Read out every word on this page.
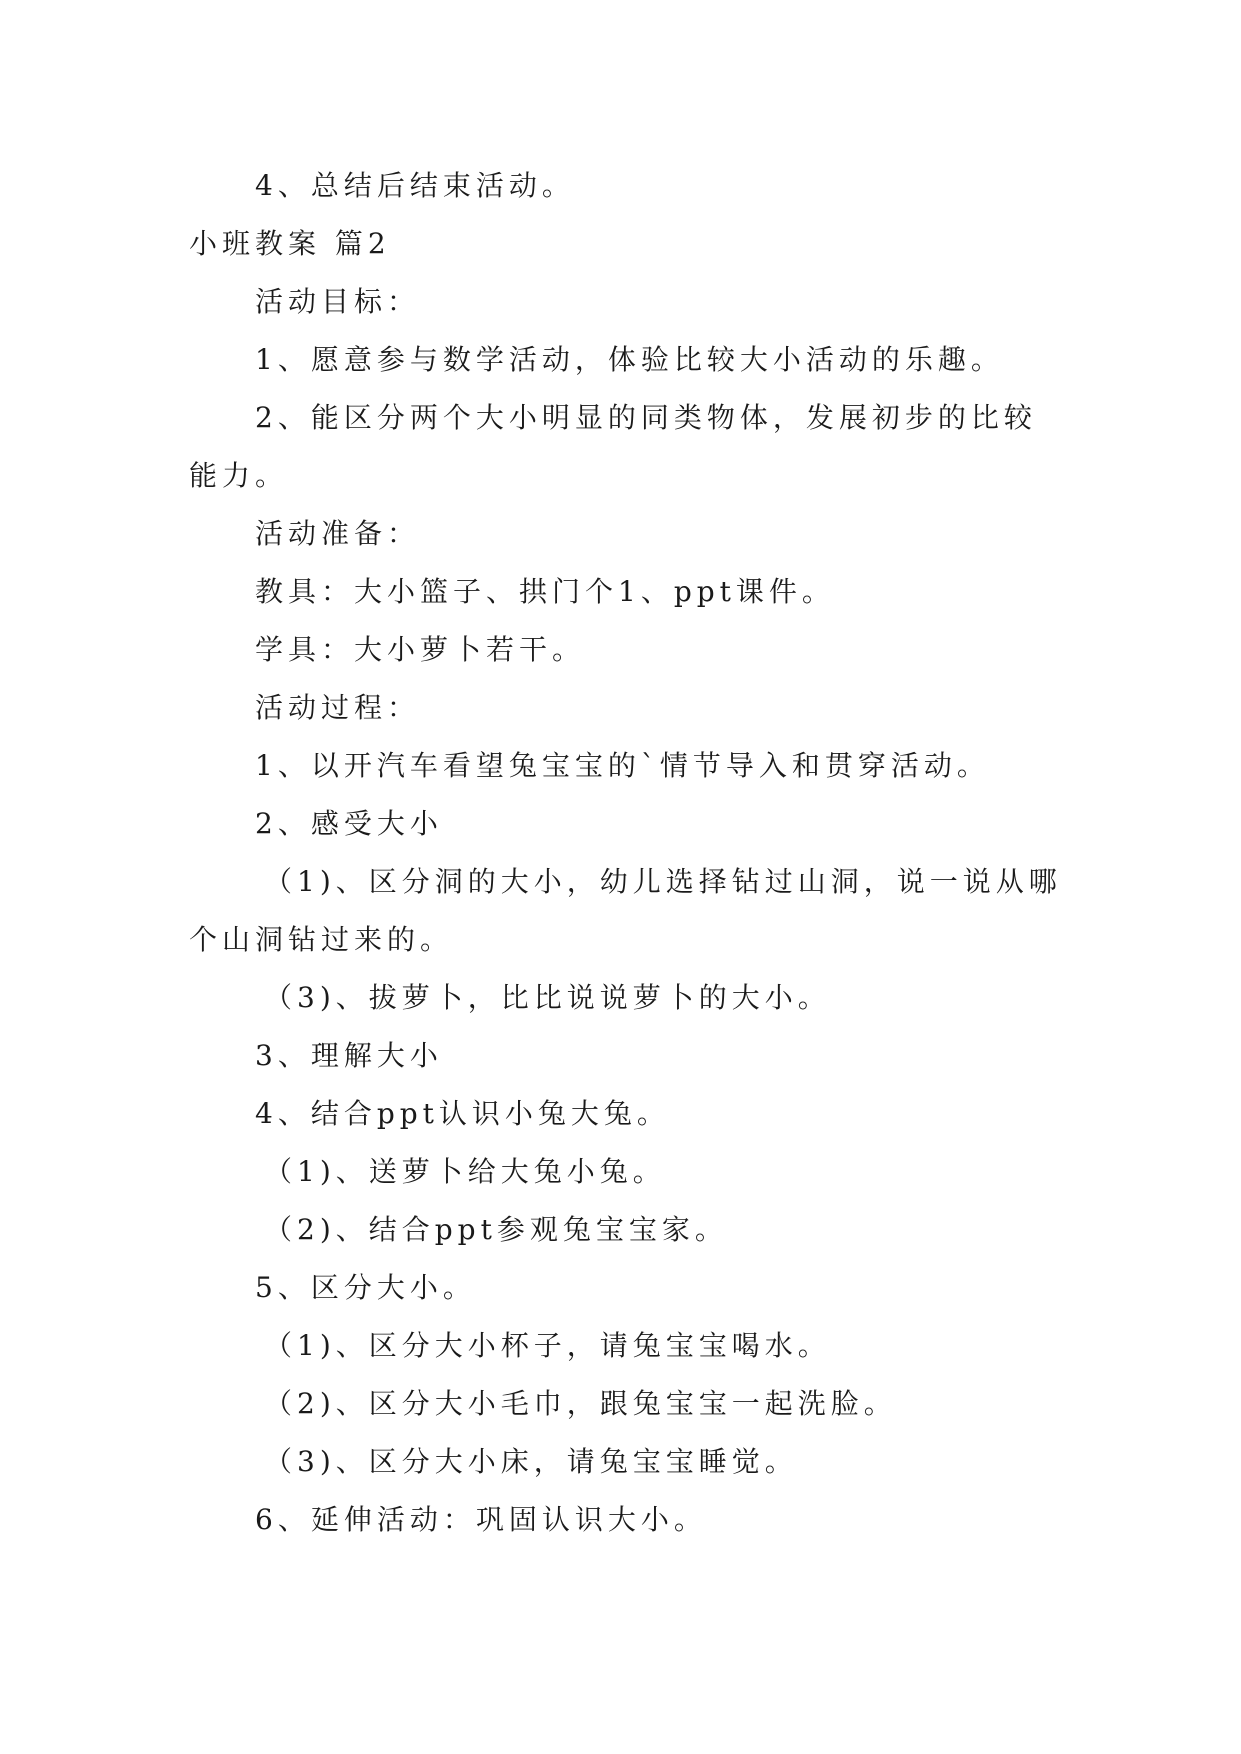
4、总结后结束活动。
小班教案 篇2
活动目标：
1、愿意参与数学活动，体验比较大小活动的乐趣。
2、能区分两个大小明显的同类物体，发展初步的比较
能力。
活动准备：
教具：大小篮子、拱门个1、ppt课件。
学具：大小萝卜若干。
活动过程：
1、以开汽车看望兔宝宝的`情节导入和贯穿活动。
2、感受大小
（1)、区分洞的大小，幼儿选择钻过山洞，说一说从哪
个山洞钻过来的。
（3)、拔萝卜，比比说说萝卜的大小。
3、理解大小
4、结合ppt认识小兔大兔。
（1)、送萝卜给大兔小兔。
（2)、结合ppt参观兔宝宝家。
5、区分大小。
（1)、区分大小杯子，请兔宝宝喝水。
（2)、区分大小毛巾，跟兔宝宝一起洗脸。
（3)、区分大小床，请兔宝宝睡觉。
6、延伸活动：巩固认识大小。
